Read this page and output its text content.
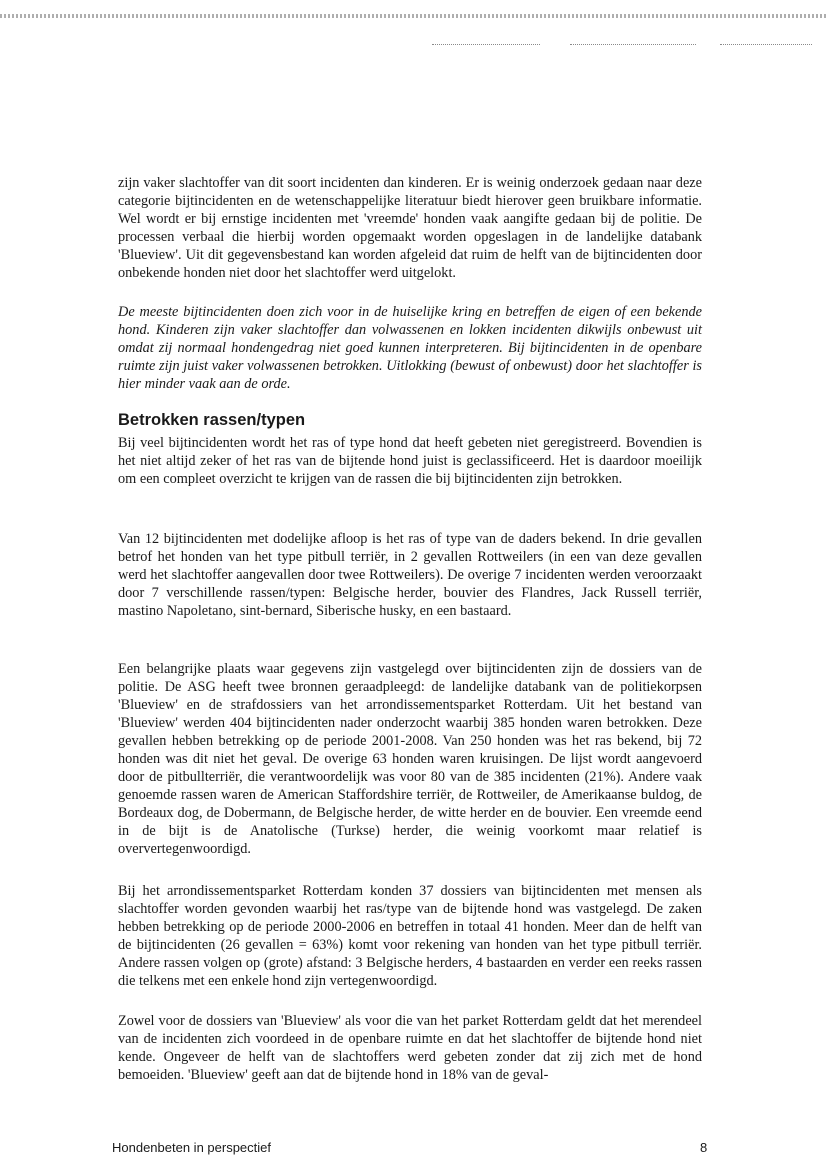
zijn vaker slachtoffer van dit soort incidenten dan kinderen. Er is weinig onderzoek gedaan naar deze categorie bijtincidenten en de wetenschappelijke literatuur biedt hierover geen bruikbare informatie. Wel wordt er bij ernstige incidenten met 'vreemde' honden vaak aangifte gedaan bij de politie. De processen verbaal die hierbij worden opgemaakt worden opgeslagen in de landelijke databank 'Blueview'. Uit dit gegevensbestand kan worden afgeleid dat ruim de helft van de bijtincidenten door onbekende honden niet door het slachtoffer werd uitgelokt.

De meeste bijtincidenten doen zich voor in de huiselijke kring en betreffen de eigen of een bekende hond. Kinderen zijn vaker slachtoffer dan volwassenen en lokken incidenten dikwijls onbewust uit omdat zij normaal hondengedrag niet goed kunnen interpreteren. Bij bijtincidenten in de openbare ruimte zijn juist vaker volwassenen betrokken. Uitlokking (bewust of onbewust) door het slachtoffer is hier minder vaak aan de orde.

Betrokken rassen/typen

Bij veel bijtincidenten wordt het ras of type hond dat heeft gebeten niet geregistreerd. Bovendien is het niet altijd zeker of het ras van de bijtende hond juist is geclassificeerd. Het is daardoor moeilijk om een compleet overzicht te krijgen van de rassen die bij bijtincidenten zijn betrokken.

Van 12 bijtincidenten met dodelijke afloop is het ras of type van de daders bekend. In drie gevallen betrof het honden van het type pitbull terriër, in 2 gevallen Rottweilers (in een van deze gevallen werd het slachtoffer aangevallen door twee Rottweilers). De overige 7 incidenten werden veroorzaakt door 7 verschillende rassen/typen: Belgische herder, bouvier des Flandres, Jack Russell terriër, mastino Napoletano, sint-bernard, Siberische husky, en een bastaard.

Een belangrijke plaats waar gegevens zijn vastgelegd over bijtincidenten zijn de dossiers van de politie. De ASG heeft twee bronnen geraadpleegd: de landelijke databank van de politiekorpsen 'Blueview' en de strafdossiers van het arrondissementsparket Rotterdam. Uit het bestand van 'Blueview' werden 404 bijtincidenten nader onderzocht waarbij 385 honden waren betrokken. Deze gevallen hebben betrekking op de periode 2001-2008. Van 250 honden was het ras bekend, bij 72 honden was dit niet het geval. De overige 63 honden waren kruisingen. De lijst wordt aangevoerd door de pitbullterriër, die verantwoordelijk was voor 80 van de 385 incidenten (21%). Andere vaak genoemde rassen waren de American Staffordshire terriër, de Rottweiler, de Amerikaanse buldog, de Bordeaux dog, de Dobermann, de Belgische herder, de witte herder en de bouvier. Een vreemde eend in de bijt is de Anatolische (Turkse) herder, die weinig voorkomt maar relatief is oververtegenwoordigd.

Bij het arrondissementsparket Rotterdam konden 37 dossiers van bijtincidenten met mensen als slachtoffer worden gevonden waarbij het ras/type van de bijtende hond was vastgelegd. De zaken hebben betrekking op de periode 2000-2006 en betreffen in totaal 41 honden. Meer dan de helft van de bijtincidenten (26 gevallen = 63%) komt voor rekening van honden van het type pitbull terriër. Andere rassen volgen op (grote) afstand: 3 Belgische herders, 4 bastaarden en verder een reeks rassen die telkens met een enkele hond zijn vertegenwoordigd.

Zowel voor de dossiers van 'Blueview' als voor die van het parket Rotterdam geldt dat het merendeel van de incidenten zich voordeed in de openbare ruimte en dat het slachtoffer de bijtende hond niet kende. Ongeveer de helft van de slachtoffers werd gebeten zonder dat zij zich met de hond bemoeiden. 'Blueview' geeft aan dat de bijtende hond in 18% van de geval-

Hondenbeten in perspectief	8
